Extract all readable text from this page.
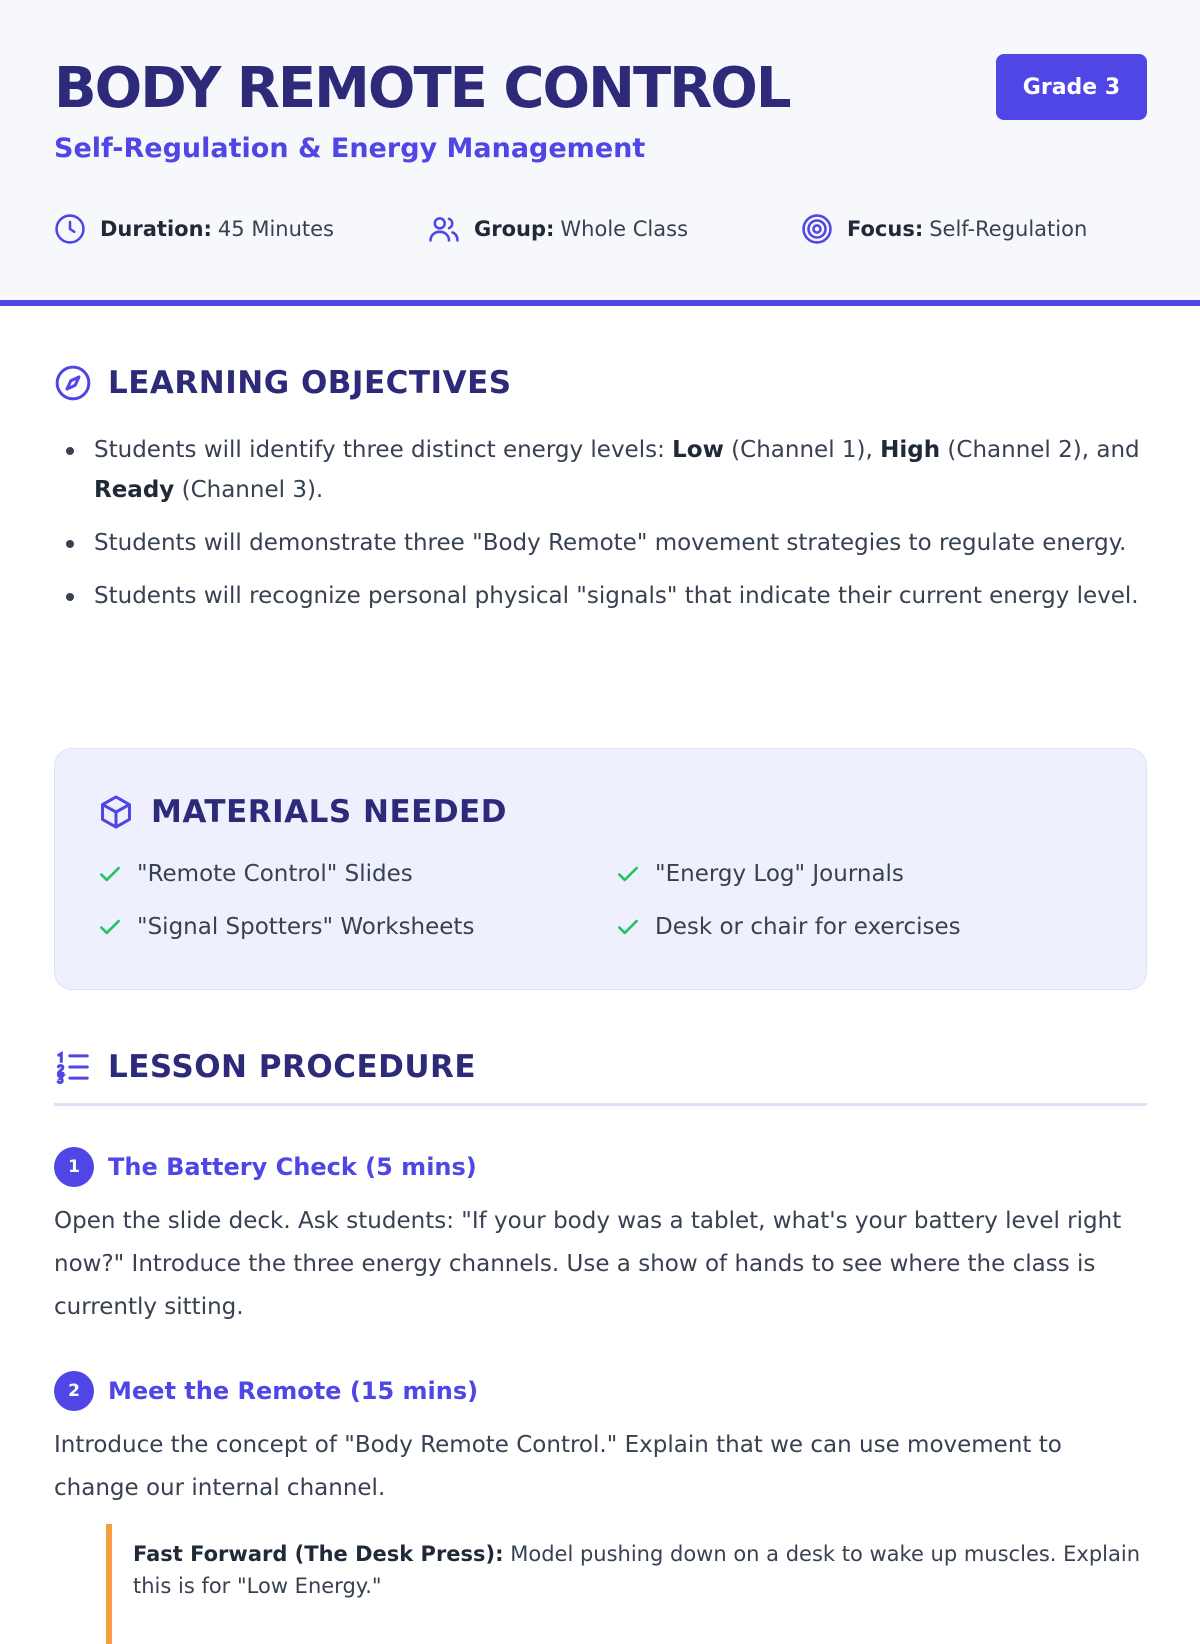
BODY REMOTE CONTROL	Grade 3
Self-Regulation & Energy Management
Duration: 45 Minutes	Group: Whole Class	Focus: Self-Regulation
LEARNING OBJECTIVES
Students will identify three distinct energy levels: Low (Channel 1), High (Channel 2), and Ready (Channel 3).
Students will demonstrate three "Body Remote" movement strategies to regulate energy.
Students will recognize personal physical "signals" that indicate their current energy level.
MATERIALS NEEDED
"Remote Control" Slides	"Energy Log" Journals
"Signal Spotters" Worksheets	Desk or chair for exercises
LESSON PROCEDURE
1	The Battery Check (5 mins)
Open the slide deck. Ask students: "If your body was a tablet, what's your battery level right now?" Introduce the three energy channels. Use a show of hands to see where the class is currently sitting.
2	Meet the Remote (15 mins)
Introduce the concept of "Body Remote Control." Explain that we can use movement to change our internal channel.
Fast Forward (The Desk Press): Model pushing down on a desk to wake up muscles. Explain this is for "Low Energy."
